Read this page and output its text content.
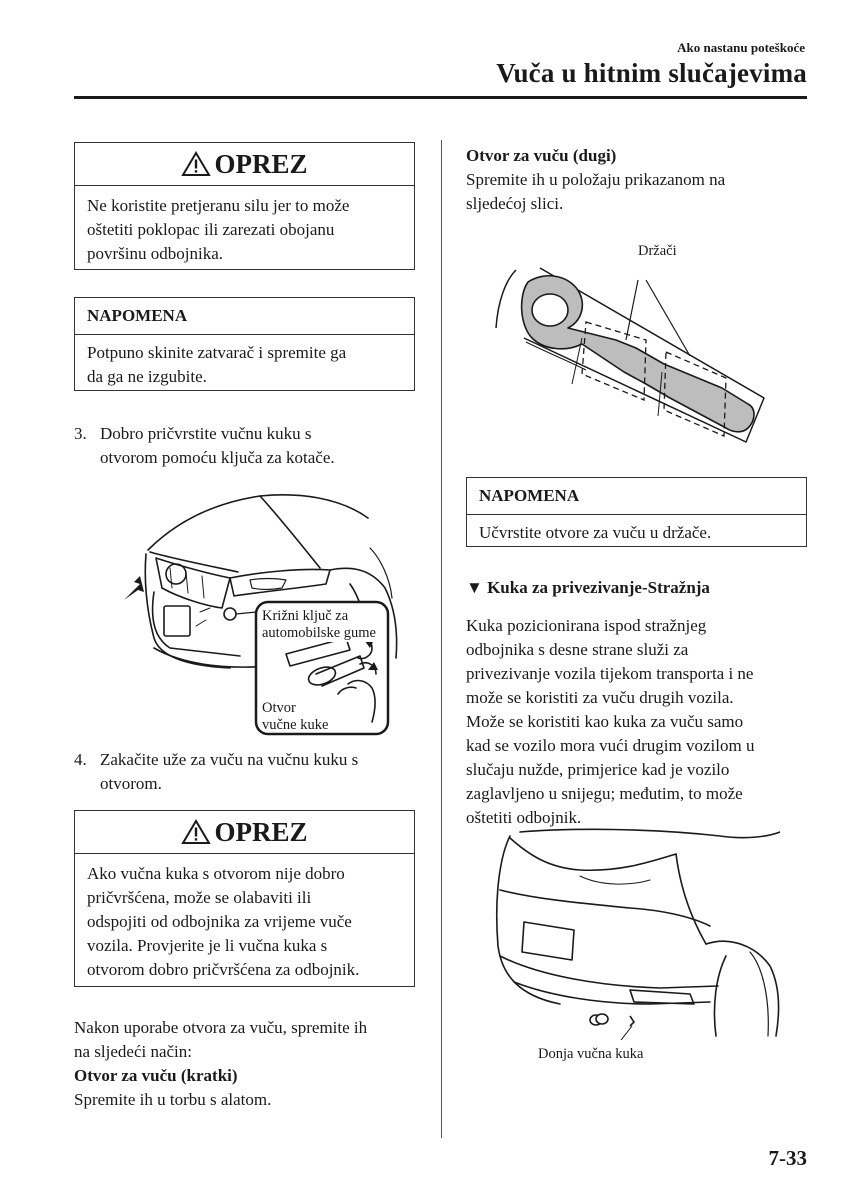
Ako nastanu poteškoće
Vuča u hitnim slučajevima
OPREZ
Ne koristite pretjeranu silu jer to može
oštetiti poklopac ili zarezati obojanu
površinu odbojnika.
NAPOMENA
Potpuno skinite zatvarač i spremite ga
da ga ne izgubite.
3. Dobro pričvrstite vučnu kuku s
otvorom pomoću ključa za kotače.
Križni ključ za
automobilske gume
Otvor
vučne kuke
4. Zakačite uže za vuču na vučnu kuku s
otvorom.
OPREZ
Ako vučna kuka s otvorom nije dobro
pričvršćena, može se olabaviti ili
odspojiti od odbojnika za vrijeme vuče
vozila. Provjerite je li vučna kuka s
otvorom dobro pričvršćena za odbojnik.
Nakon uporabe otvora za vuču, spremite ih
na sljedeći način:
Otvor za vuču (kratki)
Spremite ih u torbu s alatom.
Otvor za vuču (dugi)
Spremite ih u položaju prikazanom na
sljedećoj slici.
Držači
NAPOMENA
Učvrstite otvore za vuču u držače.
▼ Kuka za privezivanje-Stražnja
Kuka pozicionirana ispod stražnjeg
odbojnika s desne strane služi za
privezivanje vozila tijekom transporta i ne
može se koristiti za vuču drugih vozila.
Može se koristiti kao kuka za vuču samo
kad se vozilo mora vući drugim vozilom u
slučaju nužde, primjerice kad je vozilo
zaglavljeno u snijegu; međutim, to može
oštetiti odbojnik.
Donja vučna kuka
7-33
